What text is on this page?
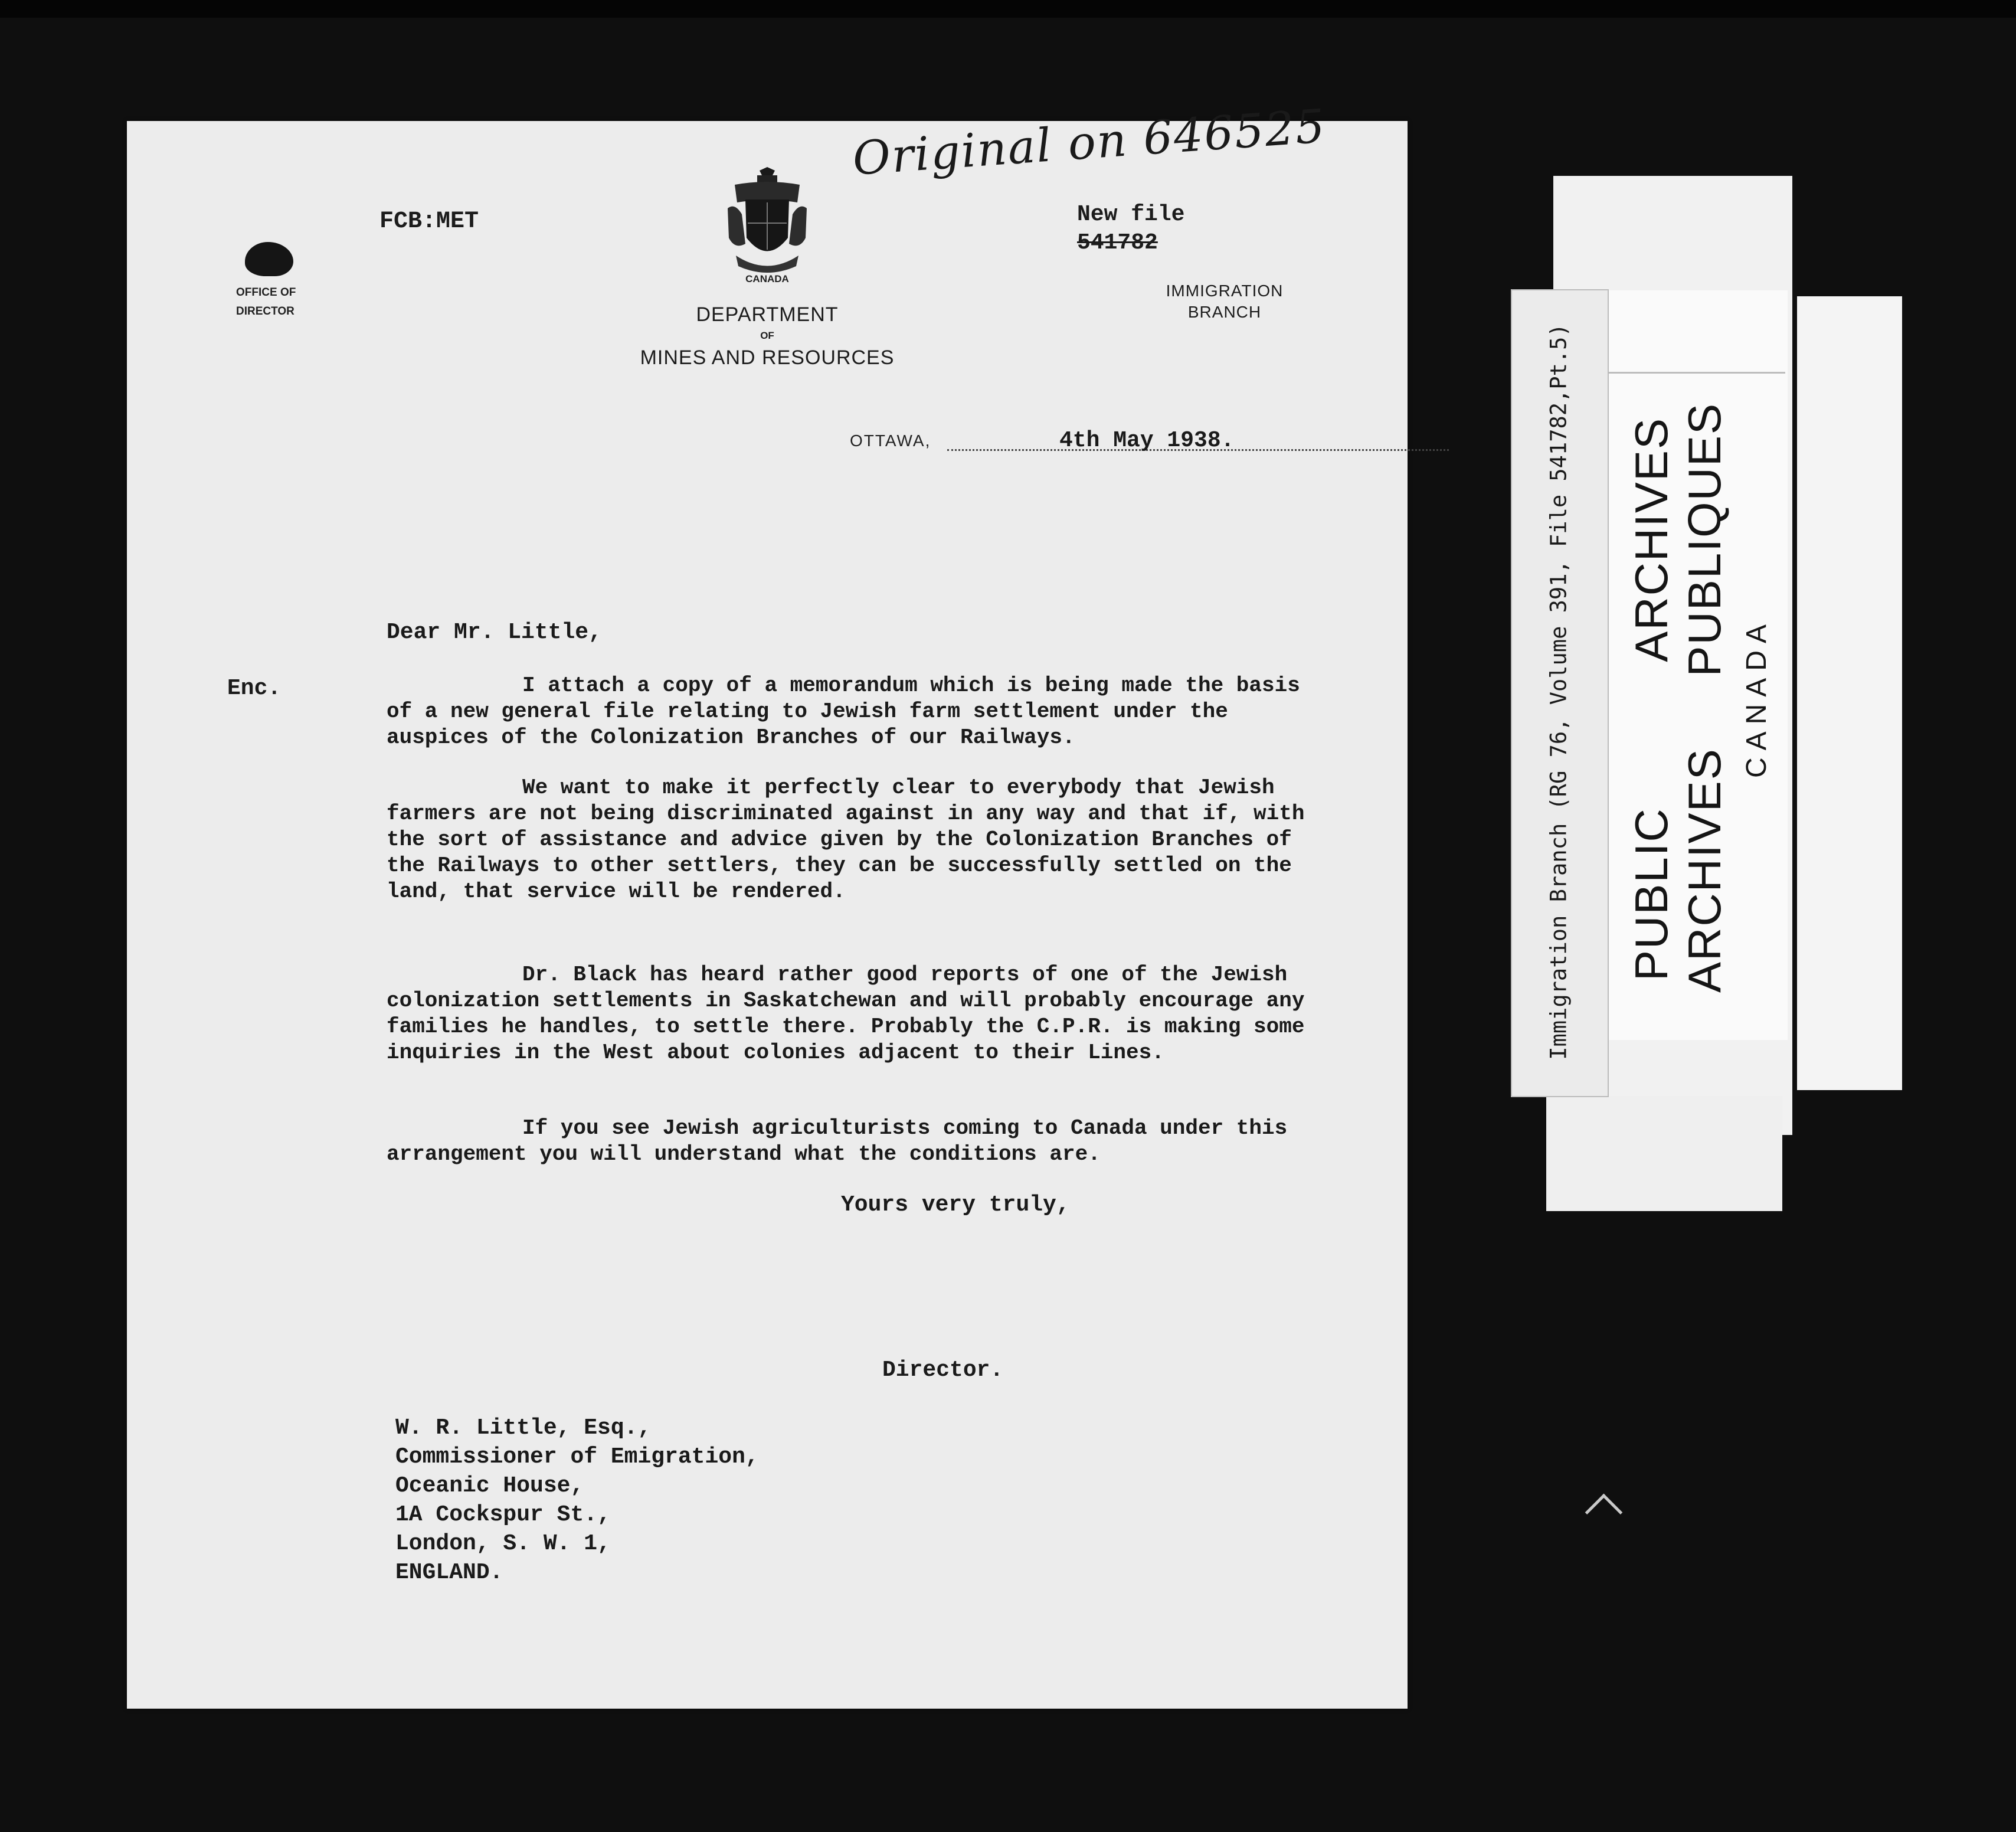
Original on 646525
FCB:MET
CANADA
DEPARTMENT
OF
MINES AND RESOURCES
OFFICE OF
DIRECTOR
New file
541782
IMMIGRATION
BRANCH
OTTAWA,	4th May 1938.
Dear Mr. Little,
Enc.	I attach a copy of a memorandum which is being made the basis of a new general file relating to Jewish farm settlement under the auspices of the Colonization Branches of our Railways.

We want to make it perfectly clear to everybody that Jewish farmers are not being discriminated against in any way and that if, with the sort of assistance and advice given by the Colonization Branches of the Railways to other settlers, they can be successfully settled on the land, that service will be rendered.

Dr. Black has heard rather good reports of one of the Jewish colonization settlements in Saskatchewan and will probably encourage any families he handles, to settle there. Probably the C.P.R. is making some inquiries in the West about colonies adjacent to their Lines.

If you see Jewish agriculturists coming to Canada under this arrangement you will understand what the conditions are.

Yours very truly,
Director.
W. R. Little, Esq.,
Commissioner of Emigration,
Oceanic House,
1A Cockspur St.,
London, S. W. 1,
ENGLAND.
Immigration Branch (RG 76, Volume 391, File 541782,Pt.5) PUBLIC
ARCHIVES
ARCHIVES
PUBLIQUES
CANADA
